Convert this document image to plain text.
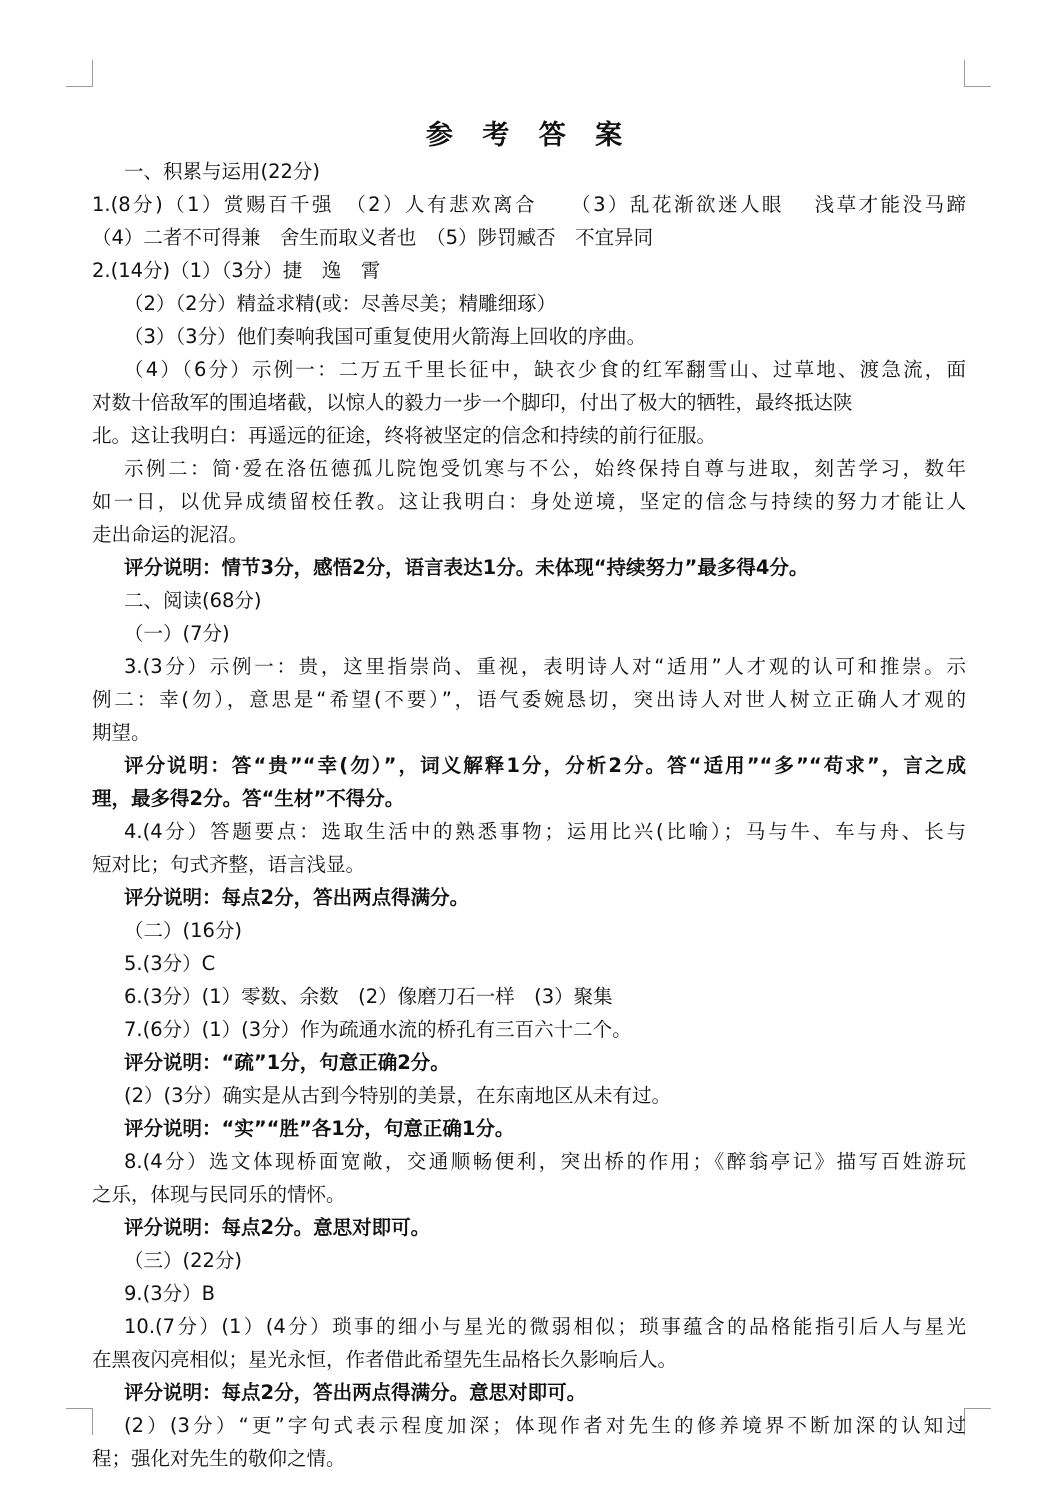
参 考 答 案
一、积累与运用(22分)
1.(8分)（1）赏赐百千强　（2）人有悲欢离合　　（3）乱花渐欲迷人眼　 浅草才能没马蹄
（4）二者不可得兼　舍生而取义者也　（5）陟罚臧否　不宜异同
2.(14分)（1）（3分）捷　逸　霄
（2）（2分）精益求精(或：尽善尽美；精雕细琢）
（3）（3分）他们奏响我国可重复使用火箭海上回收的序曲。
（4）（6分）示例一：二万五千里长征中，缺衣少食的红军翻雪山、过草地、渡急流，面
对数十倍敌军的围追堵截，以惊人的毅力一步一个脚印，付出了极大的牺牲，最终抵达陕
北。这让我明白：再遥远的征途，终将被坚定的信念和持续的前行征服。
示例二：简·爱在洛伍德孤儿院饱受饥寒与不公，始终保持自尊与进取，刻苦学习，数年
如一日，以优异成绩留校任教。这让我明白：身处逆境，坚定的信念与持续的努力才能让人
走出命运的泥沼。
评分说明：情节3分，感悟2分，语言表达1分。未体现“持续努力”最多得4分。
二、阅读(68分)
（一）(7分)
3.(3分）示例一：贵，这里指崇尚、重视，表明诗人对“适用”人才观的认可和推崇。示
例二：幸(勿），意思是“希望(不要）”，语气委婉恳切，突出诗人对世人树立正确人才观的
期望。
评分说明：答“贵”“幸(勿）”，词义解释1分，分析2分。答“适用”“多”“苟求”，言之成
理，最多得2分。答“生材”不得分。
4.(4分）答题要点：选取生活中的熟悉事物；运用比兴(比喻）；马与牛、车与舟、长与
短对比；句式齐整，语言浅显。
评分说明：每点2分，答出两点得满分。
（二）(16分)
5.(3分）C
6.(3分）(1）零数、余数　(2）像磨刀石一样　(3）聚集
7.(6分）(1）(3分）作为疏通水流的桥孔有三百六十二个。
评分说明：“疏”1分，句意正确2分。
(2）(3分）确实是从古到今特别的美景，在东南地区从未有过。
评分说明：“实”“胜”各1分，句意正确1分。
8.(4分）选文体现桥面宽敞，交通顺畅便利，突出桥的作用；《醉翁亭记》描写百姓游玩
之乐，体现与民同乐的情怀。
评分说明：每点2分。意思对即可。
（三）(22分)
9.(3分）B
10.(7分）(1）(4分）琐事的细小与星光的微弱相似；琐事蕴含的品格能指引后人与星光
在黑夜闪亮相似；星光永恒，作者借此希望先生品格长久影响后人。
评分说明：每点2分，答出两点得满分。意思对即可。
(2）(3分）“更”字句式表示程度加深；体现作者对先生的修养境界不断加深的认知过
程；强化对先生的敬仰之情。
